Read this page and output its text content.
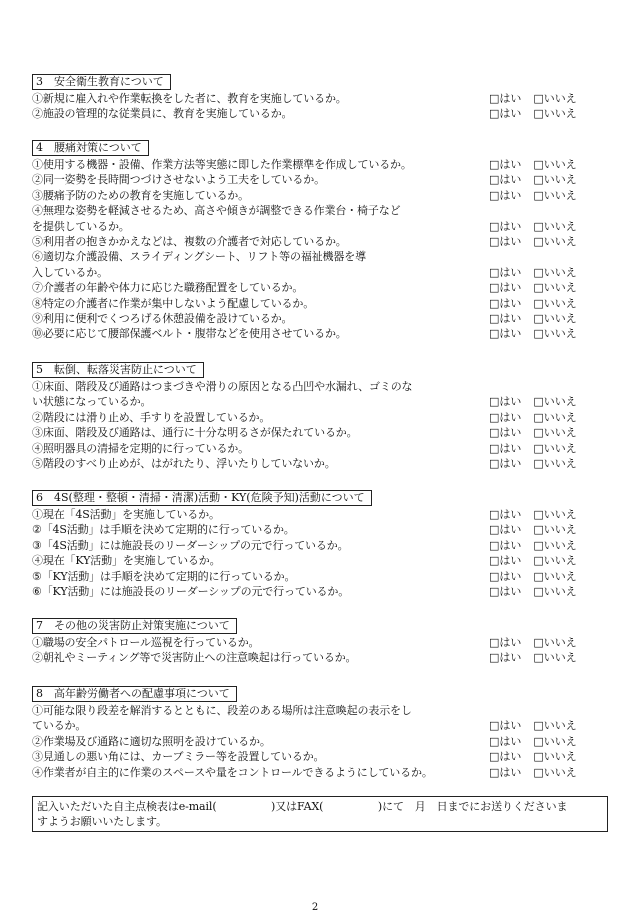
3　安全衛生教育について
①新規に雇入れや作業転換をした者に、教育を実施しているか。	□はい □いいえ
②施設の管理的な従業員に、教育を実施しているか。	□はい □いいえ
4　腰痛対策について
①使用する機器・設備、作業方法等実態に即した作業標準を作成しているか。	□はい □いいえ
②同一姿勢を長時間つづけさせないよう工夫をしているか。	□はい □いいえ
③腰痛予防のための教育を実施しているか。	□はい □いいえ
④無理な姿勢を軽減させるため、高さや傾きが調整できる作業台・椅子など
を提供しているか。	□はい □いいえ
⑤利用者の抱きかかえなどは、複数の介護者で対応しているか。	□はい □いいえ
⑥適切な介護設備、スライディングシート、リフト等の福祉機器を導
入しているか。	□はい □いいえ
⑦介護者の年齢や体力に応じた職務配置をしているか。	□はい □いいえ
⑧特定の介護者に作業が集中しないよう配慮しているか。	□はい □いいえ
⑨利用に便利でくつろげる休憩設備を設けているか。	□はい □いいえ
⑩必要に応じて腰部保護ベルト・腹帯などを使用させているか。	□はい □いいえ
5　転倒、転落災害防止について
①床面、階段及び通路はつまづきや滑りの原因となる凸凹や水漏れ、ゴミのな
い状態になっているか。	□はい □いいえ
②階段には滑り止め、手すりを設置しているか。	□はい □いいえ
③床面、階段及び通路は、通行に十分な明るさが保たれているか。	□はい □いいえ
④照明器具の清掃を定期的に行っているか。	□はい □いいえ
⑤階段のすべり止めが、はがれたり、浮いたりしていないか。	□はい □いいえ
6　4S(整理・整頓・清掃・清潔)活動・KY(危険予知)活動について
①現在「4S活動」を実施しているか。	□はい □いいえ
②「4S活動」は手順を決めて定期的に行っているか。	□はい □いいえ
③「4S活動」には施設長のリーダーシップの元で行っているか。	□はい □いいえ
④現在「KY活動」を実施しているか。	□はい □いいえ
⑤「KY活動」は手順を決めて定期的に行っているか。	□はい □いいえ
⑥「KY活動」には施設長のリーダーシップの元で行っているか。	□はい □いいえ
7　その他の災害防止対策実施について
①職場の安全パトロール巡視を行っているか。	□はい □いいえ
②朝礼やミーティング等で災害防止への注意喚起は行っているか。	□はい □いいえ
8　高年齢労働者への配慮事項について
①可能な限り段差を解消するとともに、段差のある場所は注意喚起の表示をし
ているか。	□はい □いいえ
②作業場及び通路に適切な照明を設けているか。	□はい □いいえ
③見通しの悪い角には、カーブミラー等を設置しているか。	□はい □いいえ
④作業者が自主的に作業のスペースや量をコントロールできるようにしているか。	□はい □いいえ
記入いただいた自主点検表はe-mail(　　　　　)又はFAX(　　　　　)にて　月　日までにお送りくださいま
すようお願いいたします。
2
